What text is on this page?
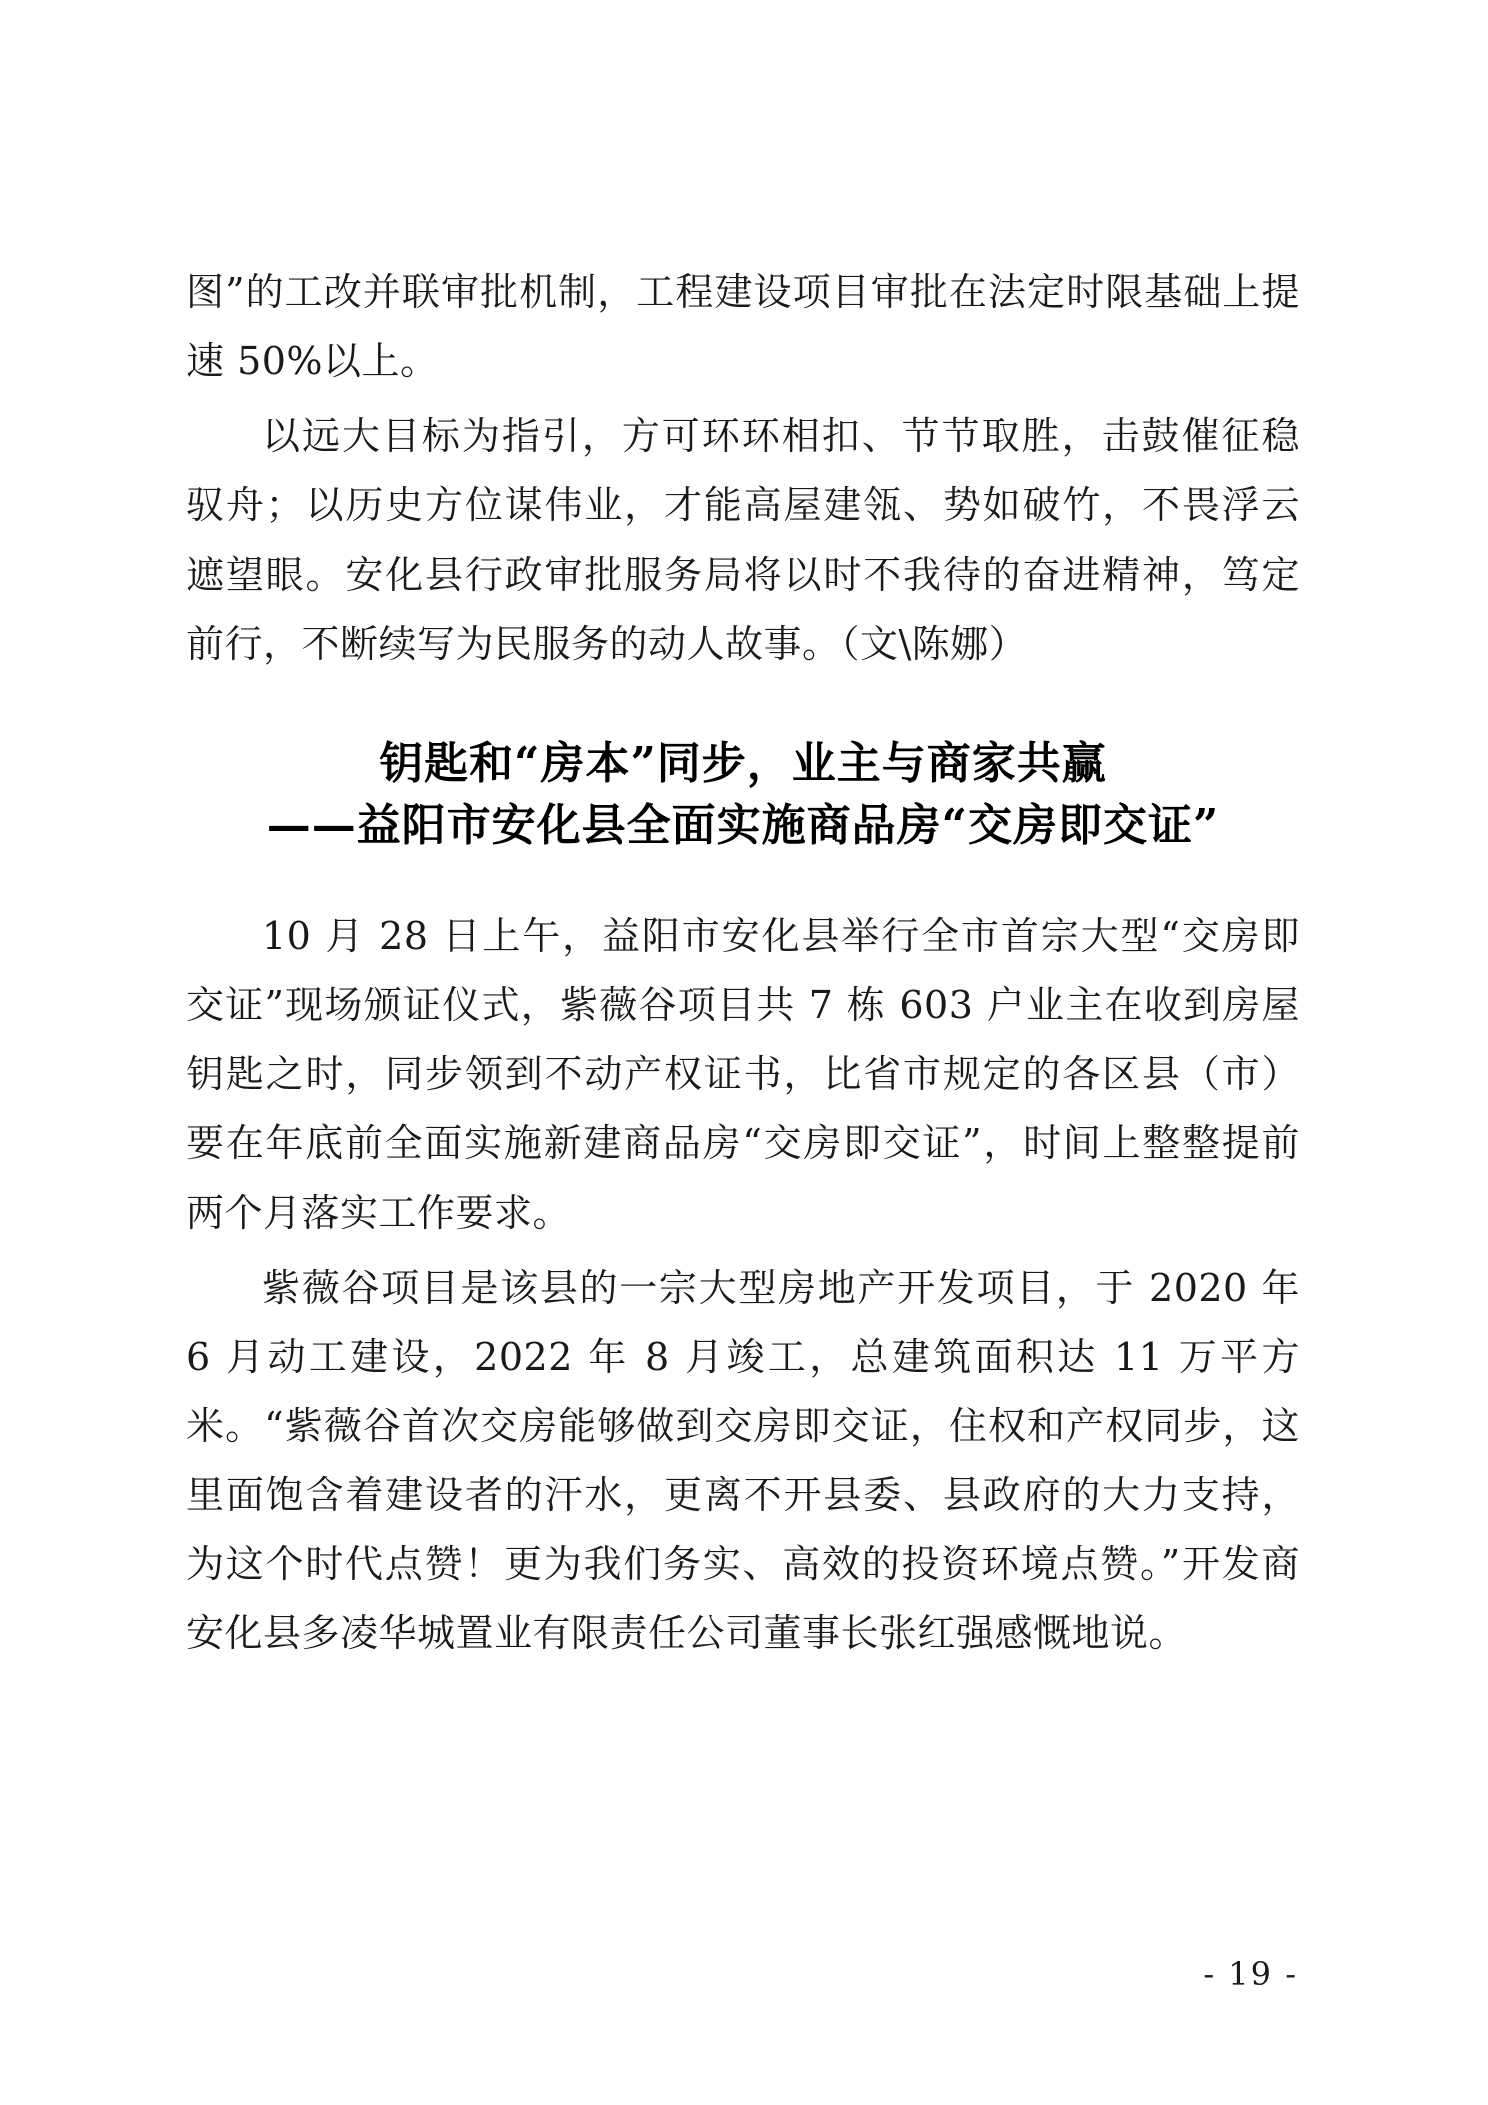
图”的工改并联审批机制，工程建设项目审批在法定时限基础上提速 50%以上。

以远大目标为指引，方可环环相扣、节节取胜，击鼓催征稳驭舟；以历史方位谋伟业，才能高屋建瓴、势如破竹，不畏浮云遮望眼。安化县行政审批服务局将以时不我待的奋进精神，笃定前行，不断续写为民服务的动人故事。（文\陈娜）

钥匙和“房本”同步，业主与商家共赢
——益阳市安化县全面实施商品房“交房即交证”

10 月 28 日上午，益阳市安化县举行全市首宗大型“交房即交证”现场颁证仪式，紫薇谷项目共 7 栋 603 户业主在收到房屋钥匙之时，同步领到不动产权证书，比省市规定的各区县（市）要在年底前全面实施新建商品房“交房即交证”，时间上整整提前两个月落实工作要求。

紫薇谷项目是该县的一宗大型房地产开发项目，于 2020 年 6 月动工建设，2022 年 8 月竣工，总建筑面积达 11 万平方米。“紫薇谷首次交房能够做到交房即交证，住权和产权同步，这里面饱含着建设者的汗水，更离不开县委、县政府的大力支持，为这个时代点赞！更为我们务实、高效的投资环境点赞。”开发商安化县多凌华城置业有限责任公司董事长张红强感慨地说。

- 19 -
